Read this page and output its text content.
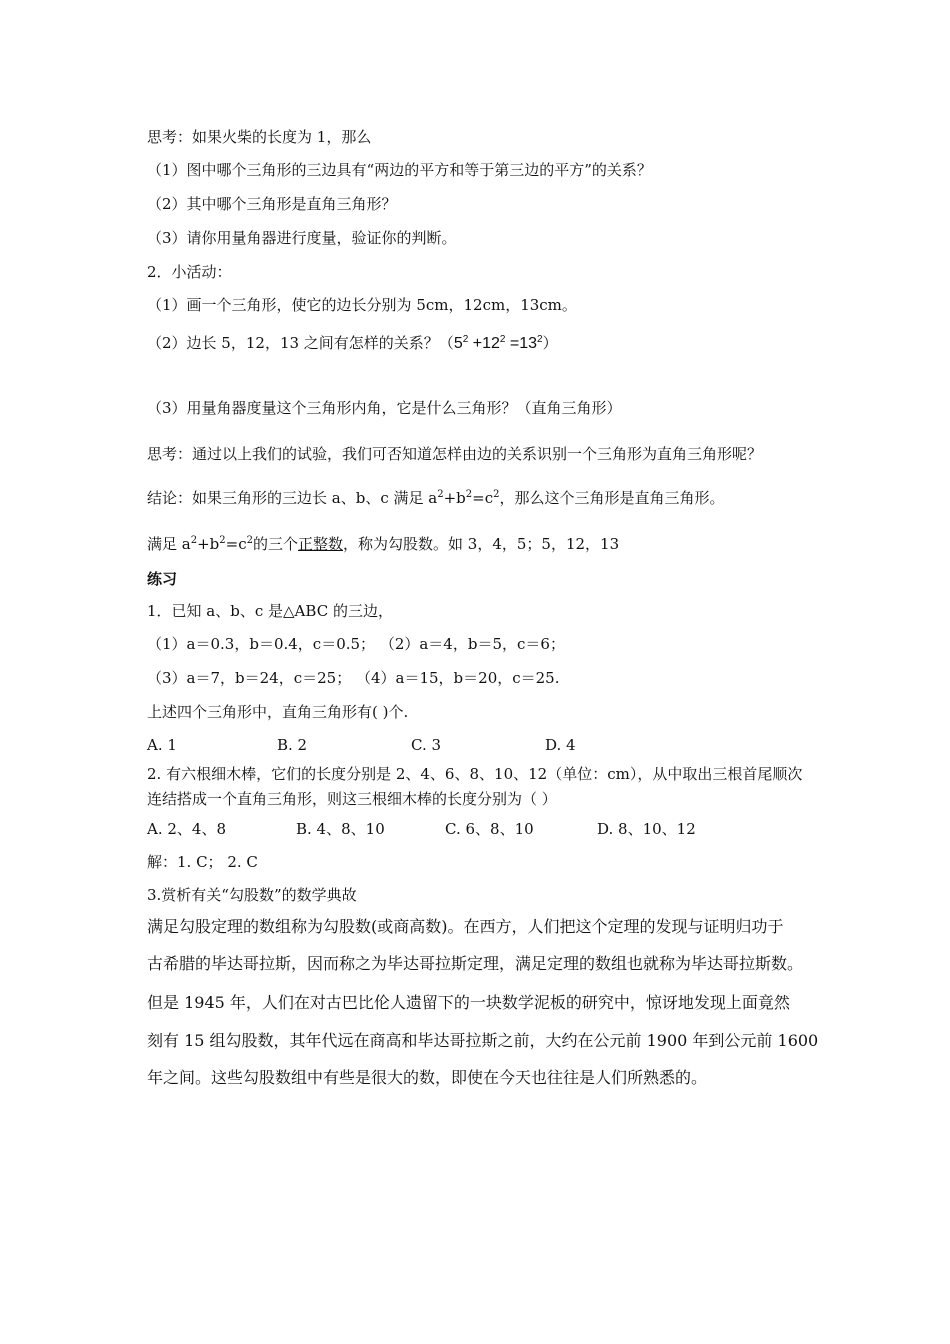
思考：如果火柴的长度为 1，那么
（1）图中哪个三角形的三边具有“两边的平方和等于第三边的平方”的关系？
（2）其中哪个三角形是直角三角形？
（3）请你用量角器进行度量，验证你的判断。
2．小活动：
（1）画一个三角形，使它的边长分别为 5cm，12cm，13cm。
（2）边长 5，12，13 之间有怎样的关系？$(5^2 +12^2 =13^2)$
（3）用量角器度量这个三角形内角，它是什么三角形？（直角三角形）
思考：通过以上我们的试验，我们可否知道怎样由边的关系识别一个三角形为直角三角形呢？
结论：如果三角形的三边长 a、b、c 满足 $a^2+b^2=c^2$，那么这个三角形是直角三角形。
满足 $a^2+b^2=c^2$的三个正整数，称为勾股数。如 3，4，5；5，12，13
练习
1．已知 a、b、c 是△ABC 的三边，
（1）a＝0.3，b＝0.4，c＝0.5； （2）a＝4，b＝5，c＝6；
（3）a＝7，b＝24，c＝25； （4）a＝15，b＝20，c＝25.
上述四个三角形中，直角三角形有( )个.
A. 1	B. 2	C. 3	D. 4
2. 有六根细木棒，它们的长度分别是 2、4、6、8、10、12（单位：cm），从中取出三根首尾顺次
连结搭成一个直角三角形，则这三根细木棒的长度分别为（ ）
A. 2、4、8	B. 4、8、10	C. 6、8、10	D. 8、10、12
解：1. C； 2. C
3.赏析有关“勾股数”的数学典故
满足勾股定理的数组称为勾股数(或商高数)。在西方，人们把这个定理的发现与证明归功于
古希腊的毕达哥拉斯，因而称之为毕达哥拉斯定理，满足定理的数组也就称为毕达哥拉斯数。
但是 1945 年，人们在对古巴比伦人遗留下的一块数学泥板的研究中，惊讶地发现上面竟然
刻有 15 组勾股数，其年代远在商高和毕达哥拉斯之前，大约在公元前 1900 年到公元前 1600
年之间。这些勾股数组中有些是很大的数，即使在今天也往往是人们所熟悉的。
